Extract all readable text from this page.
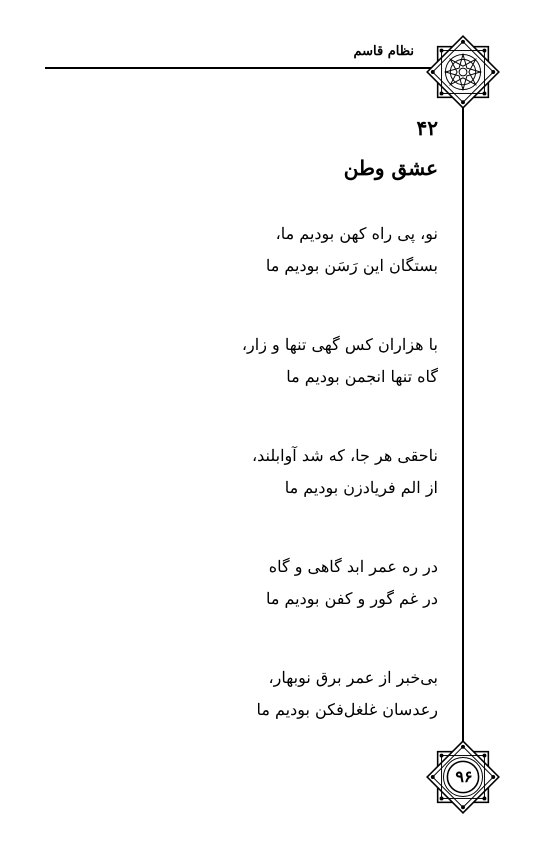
نظام قاسم
۹۶
۴۲
عشق وطن
نو، پی راه کهن بودیم ما،
بستگان این رَسَن بودیم ما
با هزاران کس گهی تنها و زار،
گاه تنها انجمن بودیم ما
ناحقی هر جا، که شد آوابلند،
از الم فریادزن بودیم ما
در ره عمر ابد گاهی و گاه
در غم گور و کفن بودیم ما
بی‌خبر از عمر برق نوبهار،
رعدسان غلغل‌فکن بودیم ما
